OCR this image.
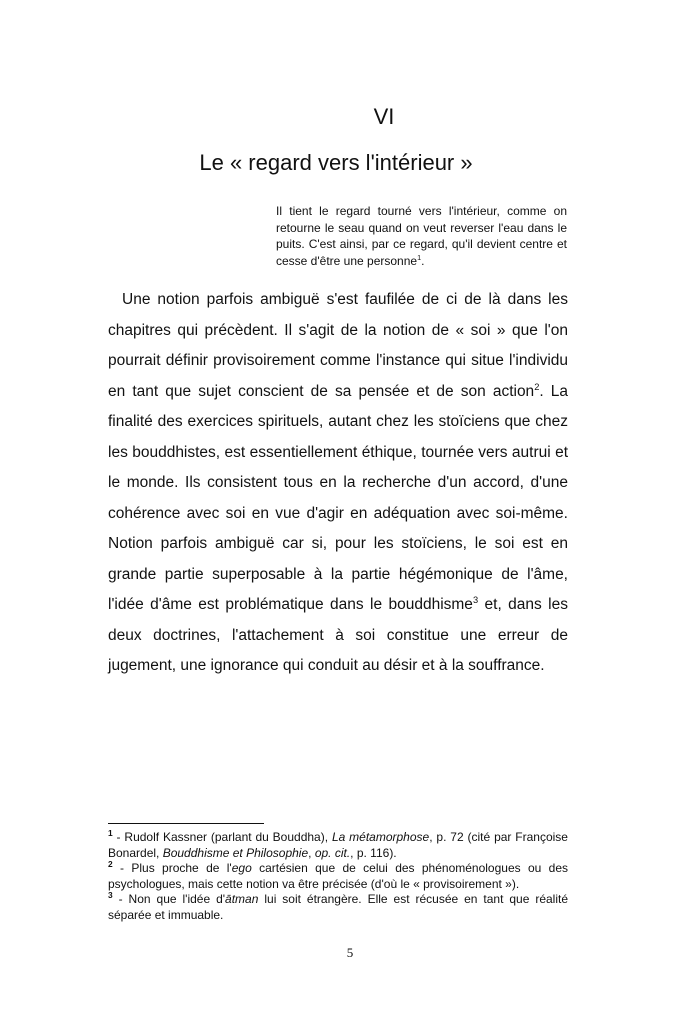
VI
Le « regard vers l'intérieur »
Il tient le regard tourné vers l'intérieur, comme on retourne le seau quand on veut reverser l'eau dans le puits. C'est ainsi, par ce regard, qu'il devient centre et cesse d'être une personne$^1$.
Une notion parfois ambiguë s'est faufilée de ci de là dans les chapitres qui précèdent. Il s'agit de la notion de « soi » que l'on pourrait définir provisoirement comme l'instance qui situe l'individu en tant que sujet conscient de sa pensée et de son action$^2$. La finalité des exercices spirituels, autant chez les stoïciens que chez les bouddhistes, est essentiellement éthique, tournée vers autrui et le monde. Ils consistent tous en la recherche d'un accord, d'une cohérence avec soi en vue d'agir en adéquation avec soi-même. Notion parfois ambiguë car si, pour les stoïciens, le soi est en grande partie superposable à la partie hégémonique de l'âme, l'idée d'âme est problématique dans le bouddhisme$^3$ et, dans les deux doctrines, l'attachement à soi constitue une erreur de jugement, une ignorance qui conduit au désir et à la souffrance.

$^1$ - Rudolf Kassner (parlant du Bouddha), La métamorphose, p. 72 (cité par Françoise Bonardel, Bouddhisme et Philosophie, op. cit., p. 116).

$^2$ - Plus proche de l'ego cartésien que de celui des phénoménologues ou des psychologues, mais cette notion va être précisée (d'où le « provisoirement »).

$^3$ - Non que l'idée d'ātman lui soit étrangère. Elle est récusée en tant que réalité séparée et immuable.

5
